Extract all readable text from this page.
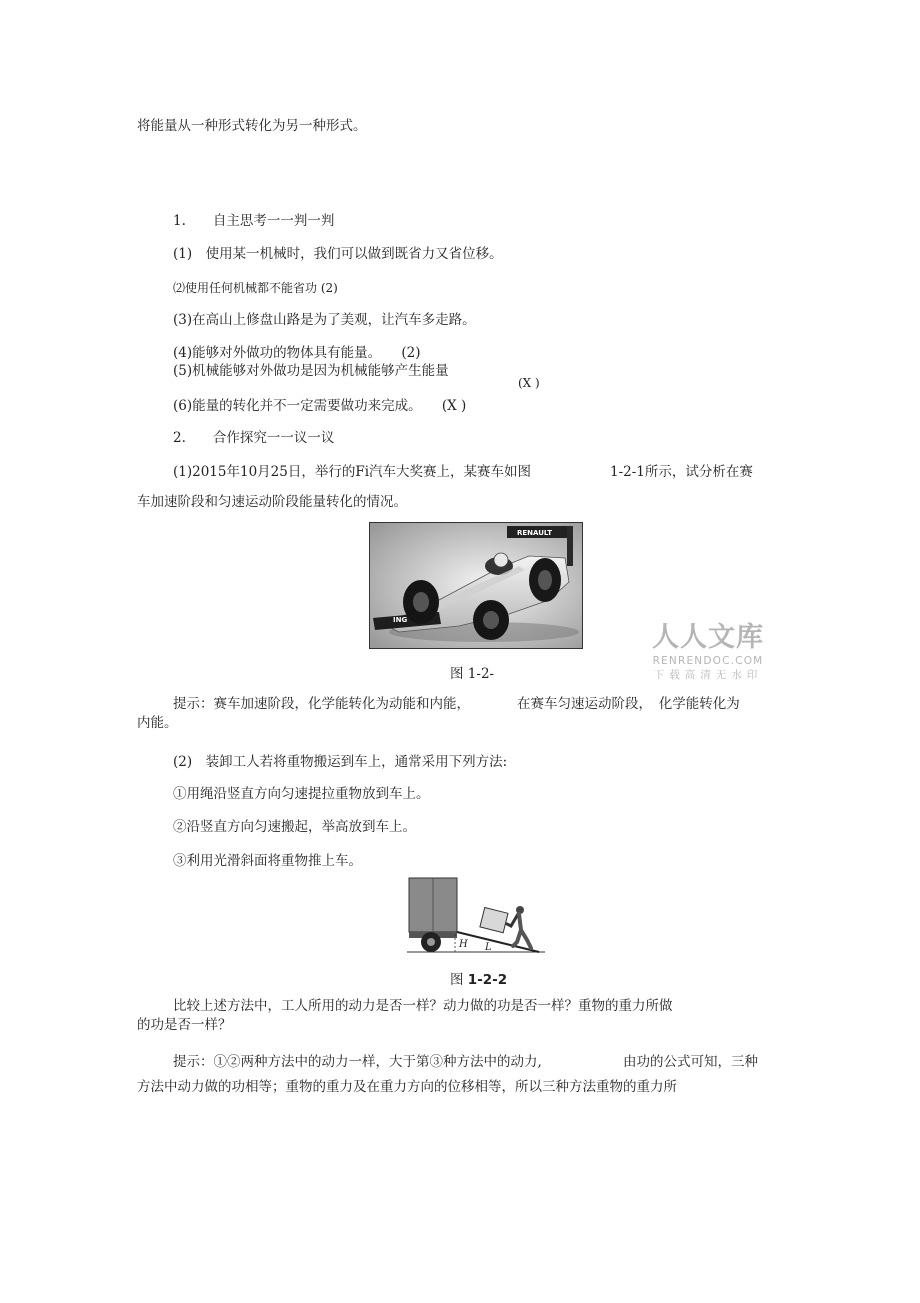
将能量从一种形式转化为另一种形式。
1.　　自主思考一一判一判
(1)　使用某一机械时，我们可以做到既省力又省位移。
⑵使用任何机械都不能省功 (2)
(3)在高山上修盘山路是为了美观，让汽车多走路。
(4)能够对外做功的物体具有能量。　　(2)
(5)机械能够对外做功是因为机械能够产生能量
(X )
(6)能量的转化并不一定需要做功来完成。　　(X )
2.　　合作探究一一议一议
(1)2015年10月25日，举行的Fi汽车大奖赛上，某赛车如图	1-2-1所示，试分析在赛
车加速阶段和匀速运动阶段能量转化的情况。
RENAULT
ING
图 1-2-
人人文库
RENRENDOC.COM
下载高清无水印
提示：赛车加速阶段，化学能转化为动能和内能，	在赛车匀速运动阶段，　化学能转化为
内能。
(2)　装卸工人若将重物搬运到车上，通常采用下列方法:
①用绳沿竖直方向匀速提拉重物放到车上。
②沿竖直方向匀速搬起，举高放到车上。
③利用光滑斜面将重物推上车。
H L
图 1-2-2
比较上述方法中，工人所用的动力是否一样？动力做的功是否一样？重物的重力所做
的功是否一样？
提示：①②两种方法中的动力一样，大于第③种方法中的动力,	由功的公式可知，三种
方法中动力做的功相等；重物的重力及在重力方向的位移相等，所以三种方法重物的重力所
